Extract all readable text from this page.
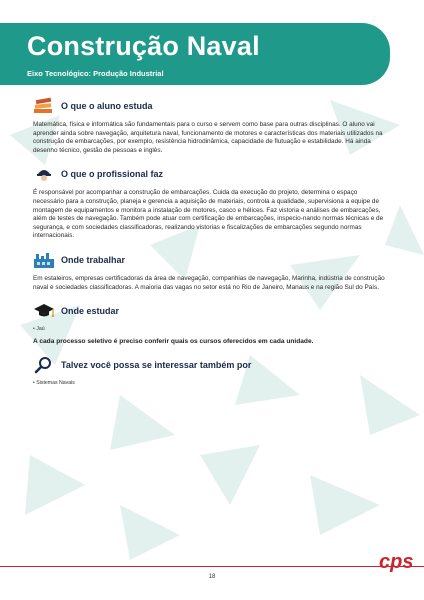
Construção Naval
Eixo Tecnológico: Produção Industrial
O que o aluno estuda

Matemática, física e informática são fundamentais para o curso e servem como base para outras disciplinas. O aluno vai aprender ainda sobre navegação, arquitetura naval, funcionamento de motores e características dos materiais utilizados na construção de embarcações, por exemplo, resistência hidrodinâmica, capacidade de flutuação e estabilidade. Há ainda desenho técnico, gestão de pessoas e inglês.

O que o profissional faz

É responsável por acompanhar a construção de embarcações. Cuida da execução do projeto, determina o espaço necessário para a construção, planeja e gerencia a aquisição de materiais, controla a qualidade, supervisiona a equipe de montagem de equipamentos e monitora a instalação de motores, casco e hélices. Faz vistoria e análises de embarcações, além de testes de navegação. Também pode atuar com certificação de embarcações, inspecio-nando normas técnicas e de segurança, e com sociedades classificadoras, realizando vistorias e fiscalizações de embarcações segundo normas internacionais.

Onde trabalhar

Em estaleiros, empresas certificadoras da área de navegação, companhias de navegação, Marinha, indústria de construção naval e sociedades classificadoras. A maioria das vagas no setor está no Rio de Janeiro, Manaus e na região Sul do País.

Onde estudar
• Jaú

A cada processo seletivo é preciso conferir quais os cursos oferecidos em cada unidade.

Talvez você possa se interessar também por
• Sistemas Navais
cps
18
